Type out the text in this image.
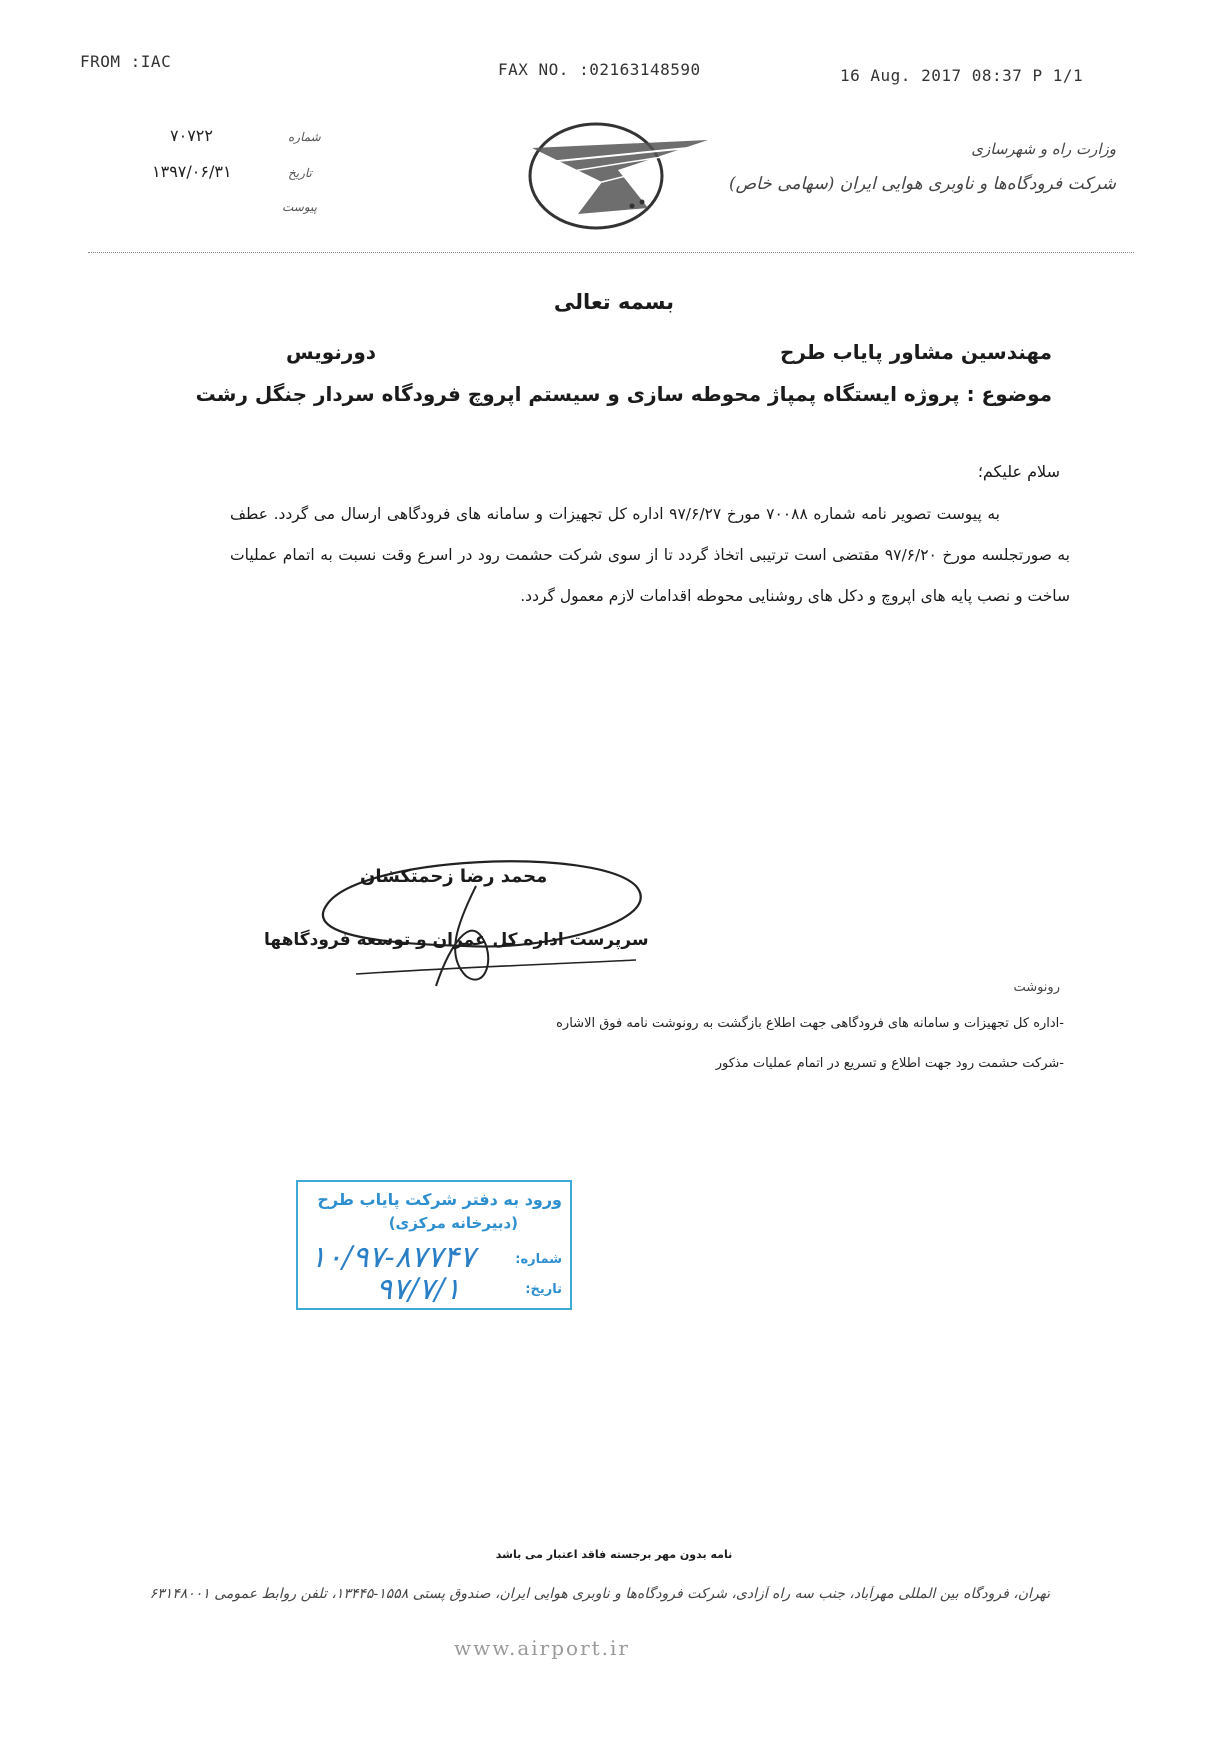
FROM :IAC	FAX NO. :02163148590	16 Aug. 2017 08:37 P 1/1
۷۰۷۲۲	شماره
۱۳۹۷/۰۶/۳۱	تاریخ
پیوست
وزارت راه و شهرسازی
شرکت فرودگاه‌ها و ناوبری هوایی ایران (سهامی خاص)
بسمه تعالی
مهندسین مشاور پایاب طرح
دورنویس
موضوع : پروژه ایستگاه پمپاژ محوطه سازی و سیستم اپروچ فرودگاه سردار جنگل رشت
سلام علیکم؛
به پیوست تصویر نامه شماره ۷۰۰۸۸ مورخ ۹۷/۶/۲۷ اداره کل تجهیزات و سامانه های فرودگاهی ارسال می گردد. عطف به صورتجلسه مورخ ۹۷/۶/۲۰ مقتضی است ترتیبی اتخاذ گردد تا از سوی شرکت حشمت رود در اسرع وقت نسبت به اتمام عملیات ساخت و نصب پایه های اپروچ و دکل های روشنایی محوطه اقدامات لازم معمول گردد.
محمد رضا زحمتکشان
سرپرست اداره کل عمران و توسعه فرودگاهها
رونوشت
-اداره کل تجهیزات و سامانه های فرودگاهی جهت اطلاع بازگشت به رونوشت نامه فوق الاشاره
-شرکت حشمت رود جهت اطلاع و تسریع در اتمام عملیات مذکور
ورود به دفتر شرکت پایاب طرح
(دبیرخانه مرکزی)
شماره:
۱۰/۹۷-۸۷۷۴۷
تاریخ:
۹۷/۷/۱
نامه بدون مهر برجسته فاقد اعتبار می باشد
تهران، فرودگاه بین المللی مهرآباد، جنب سه راه آزادی، شرکت فرودگاه‌ها و ناوبری هوایی ایران، صندوق پستی ۱۵۵۸-۱۳۴۴۵، تلفن روابط عمومی ۶۳۱۴۸۰۰۱
www.airport.ir
